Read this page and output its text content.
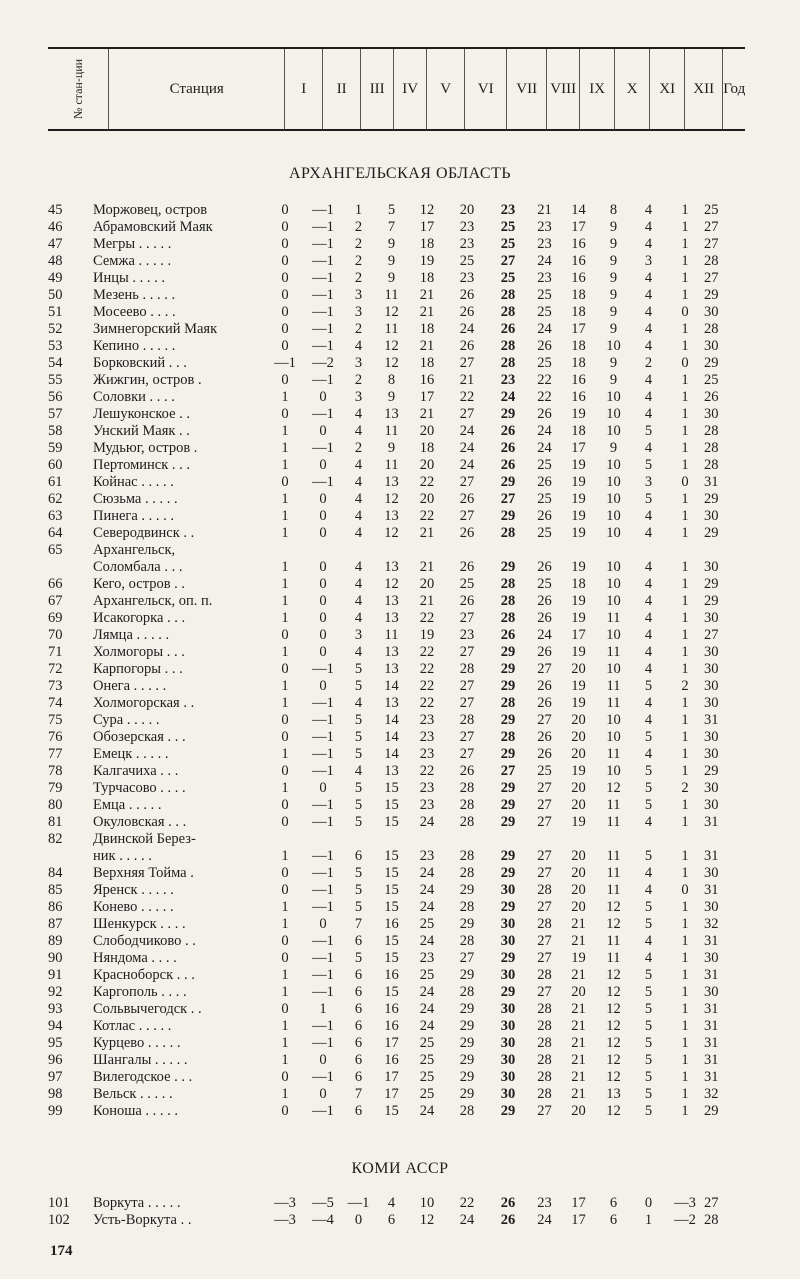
№ стан-ции	Станция	I	II	III	IV	V	VI	VII	VIII	IX	X	XI	XII	Год
АРХАНГЕЛЬСКАЯ ОБЛАСТЬ
45	Моржовец, остров	0	—1	1	5	12	20	23	21	14	8	4	1	25
46	Абрамовский Маяк	0	—1	2	7	17	23	25	23	17	9	4	1	27
47	Мегры . . . . .	0	—1	2	9	18	23	25	23	16	9	4	1	27
48	Семжа . . . . .	0	—1	2	9	19	25	27	24	16	9	3	1	28
49	Инцы . . . . .	0	—1	2	9	18	23	25	23	16	9	4	1	27
50	Мезень . . . . .	0	—1	3	11	21	26	28	25	18	9	4	1	29
51	Мосеево . . . .	0	—1	3	12	21	26	28	25	18	9	4	0	30
52	Зимнегорский Маяк	0	—1	2	11	18	24	26	24	17	9	4	1	28
53	Кепино . . . . .	0	—1	4	12	21	26	28	26	18	10	4	1	30
54	Борковский . . .	—1	—2	3	12	18	27	28	25	18	9	2	0	29
55	Жижгин, остров .	0	—1	2	8	16	21	23	22	16	9	4	1	25
56	Соловки . . . .	1	0	3	9	17	22	24	22	16	10	4	1	26
57	Лешуконское . .	0	—1	4	13	21	27	29	26	19	10	4	1	30
58	Унский Маяк . .	1	0	4	11	20	24	26	24	18	10	5	1	28
59	Мудьюг, остров .	1	—1	2	9	18	24	26	24	17	9	4	1	28
60	Пертоминск . . .	1	0	4	11	20	24	26	25	19	10	5	1	28
61	Койнас . . . . .	0	—1	4	13	22	27	29	26	19	10	3	0	31
62	Сюзьма . . . . .	1	0	4	12	20	26	27	25	19	10	5	1	29
63	Пинега . . . . .	1	0	4	13	22	27	29	26	19	10	4	1	30
64	Северодвинск . .	1	0	4	12	21	26	28	25	19	10	4	1	29
65	Архангельск,													
	Соломбала . . .	1	0	4	13	21	26	29	26	19	10	4	1	30
66	Кего, остров . .	1	0	4	12	20	25	28	25	18	10	4	1	29
67	Архангельск, оп. п.	1	0	4	13	21	26	28	26	19	10	4	1	29
69	Исакогорка . . .	1	0	4	13	22	27	28	26	19	11	4	1	30
70	Лямца . . . . .	0	0	3	11	19	23	26	24	17	10	4	1	27
71	Холмогоры . . .	1	0	4	13	22	27	29	26	19	11	4	1	30
72	Карпогоры . . .	0	—1	5	13	22	28	29	27	20	10	4	1	30
73	Онега . . . . .	1	0	5	14	22	27	29	26	19	11	5	2	30
74	Холмогорская . .	1	—1	4	13	22	27	28	26	19	11	4	1	30
75	Сура . . . . .	0	—1	5	14	23	28	29	27	20	10	4	1	31
76	Обозерская . . .	0	—1	5	14	23	27	28	26	20	10	5	1	30
77	Емецк . . . . .	1	—1	5	14	23	27	29	26	20	11	4	1	30
78	Калгачиха . . .	0	—1	4	13	22	26	27	25	19	10	5	1	29
79	Турчасово . . . .	1	0	5	15	23	28	29	27	20	12	5	2	30
80	Емца . . . . .	0	—1	5	15	23	28	29	27	20	11	5	1	30
81	Окуловская . . .	0	—1	5	15	24	28	29	27	19	11	4	1	31
82	Двинской Берез-													
	ник . . . . .	1	—1	6	15	23	28	29	27	20	11	5	1	31
84	Верхняя Тойма .	0	—1	5	15	24	28	29	27	20	11	4	1	30
85	Яренск . . . . .	0	—1	5	15	24	29	30	28	20	11	4	0	31
86	Конево . . . . .	1	—1	5	15	24	28	29	27	20	12	5	1	30
87	Шенкурск . . . .	1	0	7	16	25	29	30	28	21	12	5	1	32
89	Слободчиково . .	0	—1	6	15	24	28	30	27	21	11	4	1	31
90	Няндома . . . .	0	—1	5	15	23	27	29	27	19	11	4	1	30
91	Красноборск . . .	1	—1	6	16	25	29	30	28	21	12	5	1	31
92	Каргополь . . . .	1	—1	6	15	24	28	29	27	20	12	5	1	30
93	Сольвычегодск . .	0	1	6	16	24	29	30	28	21	12	5	1	31
94	Котлас . . . . .	1	—1	6	16	24	29	30	28	21	12	5	1	31
95	Курцево . . . . .	1	—1	6	17	25	29	30	28	21	12	5	1	31
96	Шангалы . . . . .	1	0	6	16	25	29	30	28	21	12	5	1	31
97	Вилегодское . . .	0	—1	6	17	25	29	30	28	21	12	5	1	31
98	Вельск . . . . .	1	0	7	17	25	29	30	28	21	13	5	1	32
99	Коноша . . . . .	0	—1	6	15	24	28	29	27	20	12	5	1	29
КОМИ АССР
101	Воркута . . . . .	—3	—5	—1	4	10	22	26	23	17	6	0	—3	27
102	Усть-Воркута . .	—3	—4	0	6	12	24	26	24	17	6	1	—2	28
174
